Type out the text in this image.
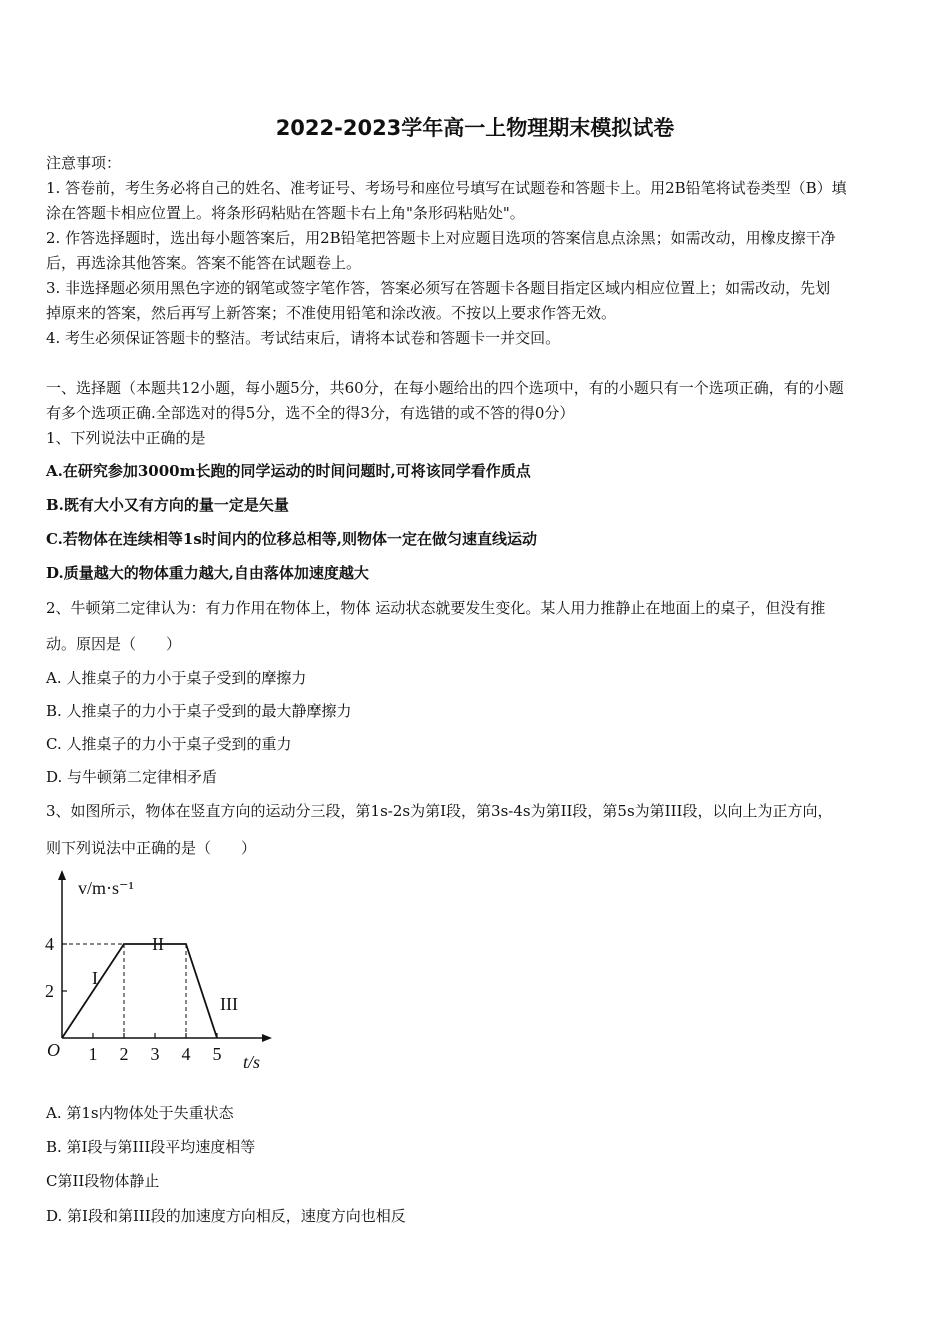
2022-2023学年高一上物理期末模拟试卷
注意事项：
1. 答卷前，考生务必将自己的姓名、准考证号、考场号和座位号填写在试题卷和答题卡上。用2B铅笔将试卷类型（B）填
涂在答题卡相应位置上。将条形码粘贴在答题卡右上角"条形码粘贴处"。
2. 作答选择题时，选出每小题答案后，用2B铅笔把答题卡上对应题目选项的答案信息点涂黑；如需改动，用橡皮擦干净
后，再选涂其他答案。答案不能答在试题卷上。
3. 非选择题必须用黑色字迹的钢笔或签字笔作答，答案必须写在答题卡各题目指定区域内相应位置上；如需改动，先划
掉原来的答案，然后再写上新答案；不准使用铅笔和涂改液。不按以上要求作答无效。
4. 考生必须保证答题卡的整洁。考试结束后，请将本试卷和答题卡一并交回。
一、选择题（本题共12小题，每小题5分，共60分，在每小题给出的四个选项中，有的小题只有一个选项正确，有的小题
有多个选项正确.全部选对的得5分，选不全的得3分，有选错的或不答的得0分）
1、下列说法中正确的是
A.在研究参加3000m长跑的同学运动的时间问题时,可将该同学看作质点
B.既有大小又有方向的量一定是矢量
C.若物体在连续相等1s时间内的位移总相等,则物体一定在做匀速直线运动
D.质量越大的物体重力越大,自由落体加速度越大
2、牛顿第二定律认为：有力作用在物体上，物体 运动状态就要发生变化。某人用力推静止在地面上的桌子，但没有推
动。原因是（　　）
A. 人推桌子的力小于桌子受到的摩擦力
B. 人推桌子的力小于桌子受到的最大静摩擦力
C. 人推桌子的力小于桌子受到的重力
D. 与牛顿第二定律相矛盾
3、如图所示，物体在竖直方向的运动分三段，第1s-2s为第I段，第3s-4s为第II段，第5s为第III段，以向上为正方向，
则下列说法中正确的是（　　）
1 2 3 4 5
2
4
O
t/s
v/m·s⁻¹
I
II
III
A. 第1s内物体处于失重状态
B. 第I段与第III段平均速度相等
C第II段物体静止
D. 第I段和第III段的加速度方向相反，速度方向也相反
